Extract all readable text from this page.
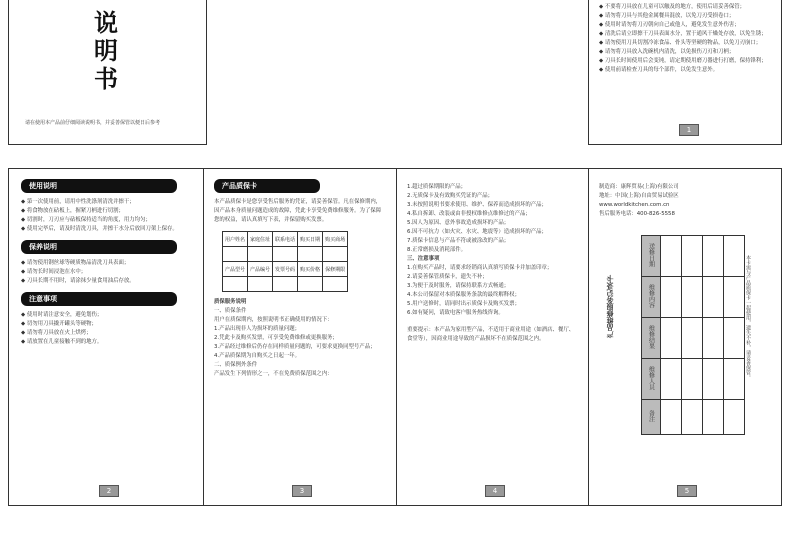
说
明
书
请在使用本产品前仔细阅读说明书，并妥善保管以便日后参考

◆ 不要将刀具放在儿童可以触及的地方，使用后请妥善保管；

◆ 请勿将刀具与其他金属餐具混放，以免刀刃受损卷口；

◆ 使用时请勿将刀刃朝向自己或他人，避免发生意外伤害；

◆ 清洗后请立即擦干刀具表面水分，置于通风干燥处存放，以免生锈；

◆ 请勿使用刀具切割冷冻食品、骨头等坚硬的物品，以免刀刃崩口；

◆ 请勿将刀具放入洗碗机内清洗，以免损伤刀刃和刀柄；

◆ 刀具长时间使用后会变钝，请定期使用磨刀器进行打磨，保持锋利；

◆ 使用前请检查刀具的每个部件，以免发生意外。

1
使用说明

◆ 第一次使用前，请用中性洗涤剂清洗并擦干；

◆ 将食物放在砧板上，握紧刀柄进行切割；

◆ 切割时，刀刃应与砧板保持适当的角度，用力均匀；

◆ 使用完毕后，请及时清洗刀具，并擦干水分后放回刀架上保存。

保养说明

◆ 请勿使用钢丝球等硬质物品清洗刀具表面；

◆ 请勿长时间浸泡在水中；

◆ 刀具长期不用时，请涂抹少量食用油后存放。

注意事项

◆ 使用时请注意安全，避免划伤；

◆ 切勿用刀具撬开罐头等硬物；

◆ 请勿将刀具放在火上烘烤；

◆ 请放置在儿童接触不到的地方。

2
产品质保卡

本产品质保卡是您享受售后服务的凭证，请妥善保管。凡在保修期内，因产品本身质量问题造成的故障，凭此卡享受免费维修服务。为了保障您的权益，请认真填写下表，并保留购买发票。

用户姓名	家庭住址	联系电话	购买日期	购买商场

产品型号	产品编号	发票号码	购买价格	保修期限

质保服务说明

一、质保条件

用户在质保期内，按照说明书正确使用的情况下：

1.产品出现非人为损坏的质量问题；

2.凭此卡及购买发票，可享受免费维修或更换服务；

3.产品经过维修后仍存在同样质量问题的，可要求更换同型号产品；

4.产品质保期为自购买之日起一年。

二、质保例外条件

产品发生下列情形之一，不在免费质保范围之内：

3

1.超过质保期限的产品；

2.无质保卡及有效购买凭证的产品；

3.未按照说明书要求使用、维护、保养而造成损坏的产品；

4.私自拆卸、改装或由非授权维修点维修过的产品；

5.因人为原因、意外事故造成损坏的产品；

6.因不可抗力（如火灾、水灾、地震等）造成损坏的产品；

7.质保卡信息与产品不符或被涂改的产品；

8.正常磨损及消耗部件。

三、注意事项

1.在购买产品时，请要求经销商认真填写质保卡并加盖印章；

2.请妥善保管质保卡，遗失不补；

3.为便于及时服务，请保持联系方式畅通；

4.本公司保留对本质保服务条款的最终解释权；

5.用户送修时，请同时出示质保卡及购买发票；

6.如有疑问，请致电客户服务热线咨询。

重要提示：本产品为家用型产品，不适用于商业用途（如酒店、餐厅、食堂等），因商业用途导致的产品损坏不在质保范围之内。

4

制造商：康辉贸易(上海)有限公司

地址：中国(上海)自由贸易试验区

www.worldkitchen.com.cn

售后服务电话：400-826-5558

产品维修服务记录卡
送修日期				
维修内容				
维修结果				
维修人员				
备注				
本卡需与产品质保卡一起使用，遗失不补，请妥善保管。
5
